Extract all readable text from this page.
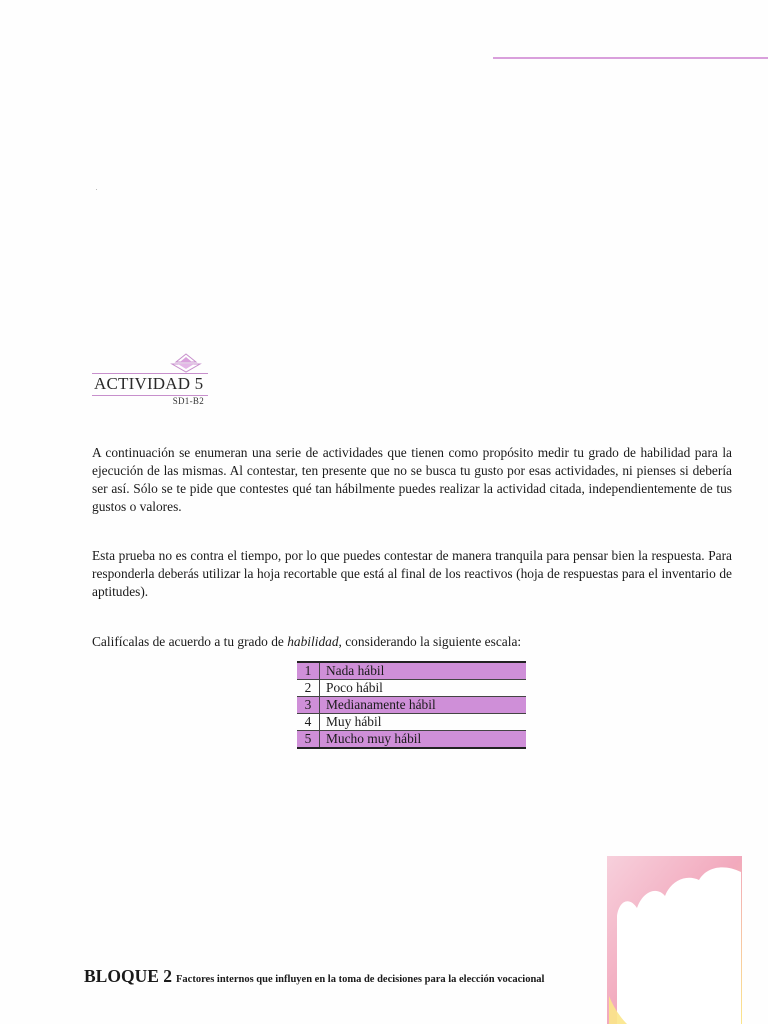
ACTIVIDAD 5
SD1-B2

A continuación se enumeran una serie de actividades que tienen como propósito medir tu grado de habilidad para la ejecución de las mismas. Al contestar, ten presente que no se busca tu gusto por esas actividades, ni pienses si debería ser así. Sólo se te pide que contestes qué tan hábilmente puedes realizar la actividad citada, independientemente de tus gustos o valores.

Esta prueba no es contra el tiempo, por lo que puedes contestar de manera tranquila para pensar bien la respuesta. Para responderla deberás utilizar la hoja recortable que está al final de los reactivos (hoja de respuestas para el inventario de aptitudes).

Califícalas de acuerdo a tu grado de habilidad, considerando la siguiente escala:

1	Nada hábil
2	Poco hábil
3	Medianamente hábil
4	Muy hábil
5	Mucho muy hábil
BLOQUE 2 Factores internos que influyen en la toma de decisiones para la elección vocacional
